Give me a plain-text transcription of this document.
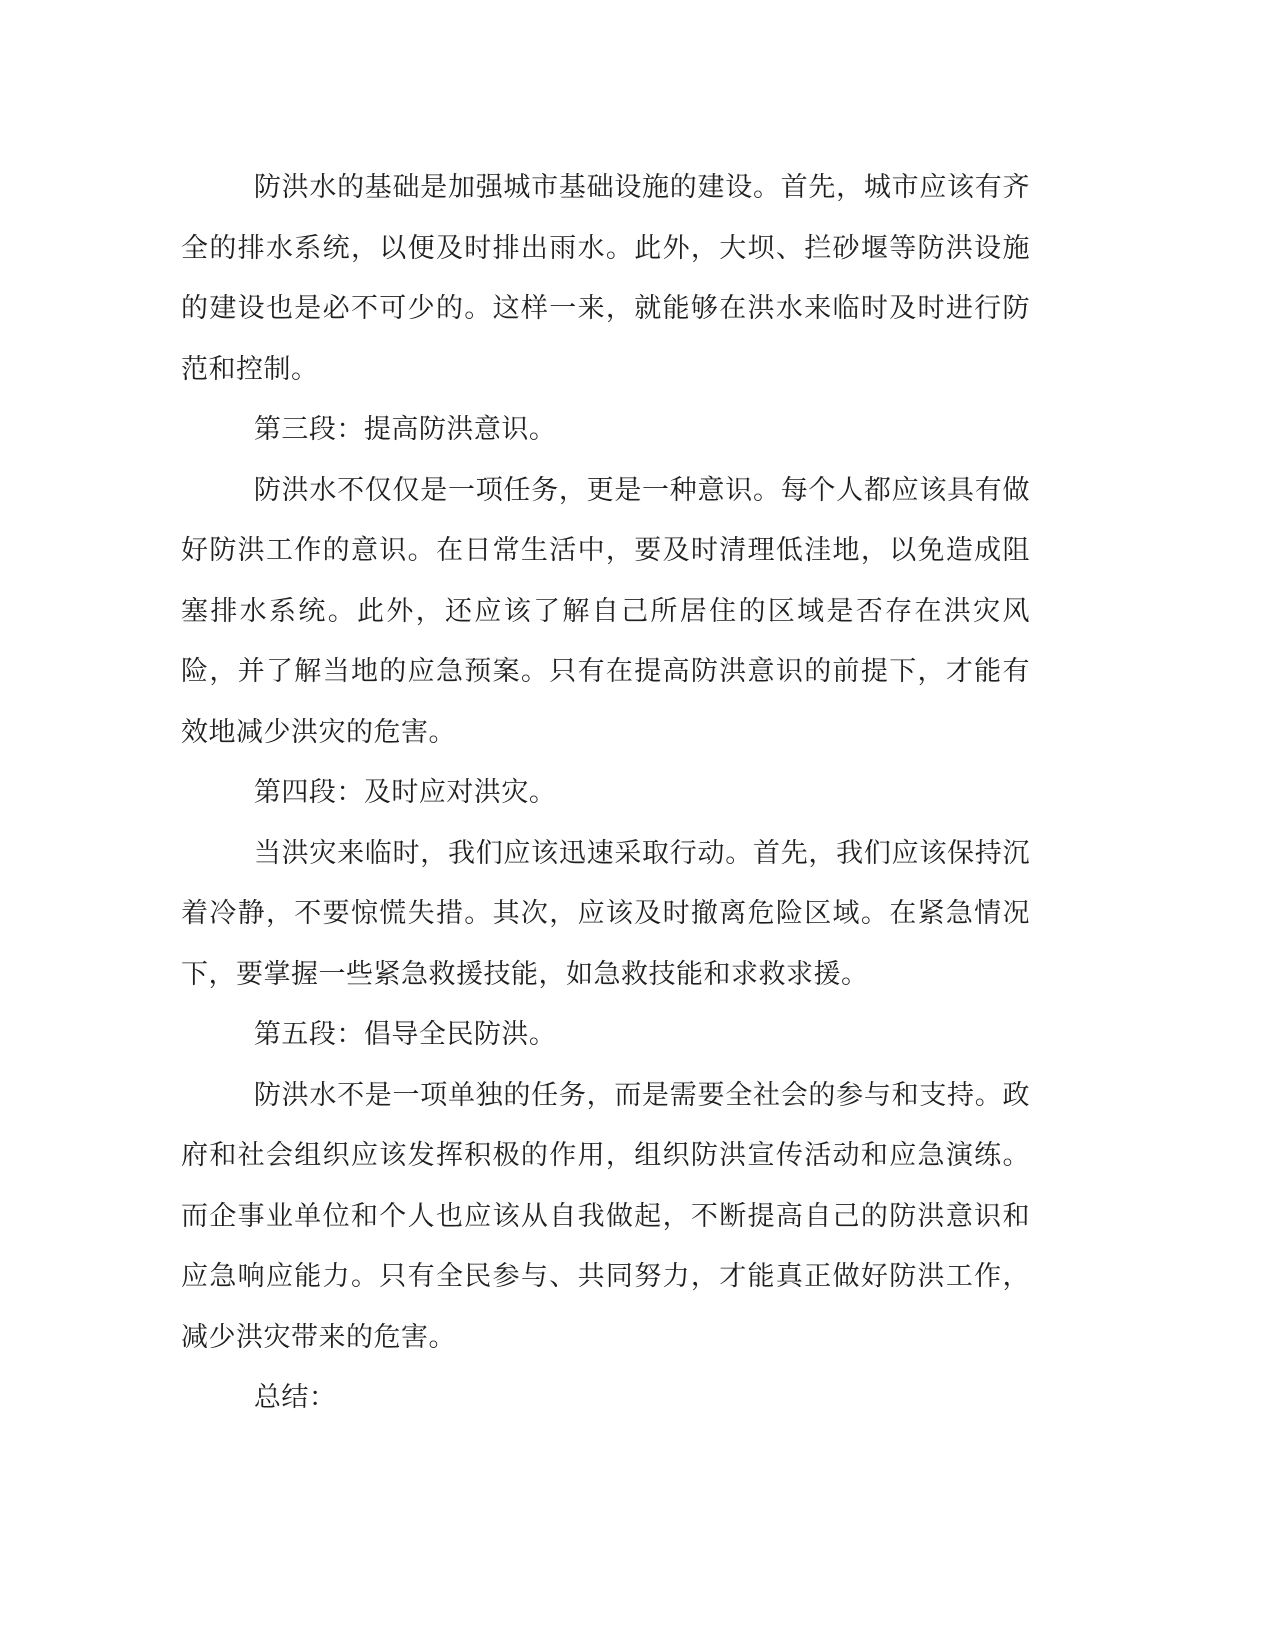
防洪水的基础是加强城市基础设施的建设。首先，城市应该有齐全的排水系统，以便及时排出雨水。此外，大坝、拦砂堰等防洪设施的建设也是必不可少的。这样一来，就能够在洪水来临时及时进行防范和控制。

第三段：提高防洪意识。

防洪水不仅仅是一项任务，更是一种意识。每个人都应该具有做好防洪工作的意识。在日常生活中，要及时清理低洼地，以免造成阻塞排水系统。此外，还应该了解自己所居住的区域是否存在洪灾风险，并了解当地的应急预案。只有在提高防洪意识的前提下，才能有效地减少洪灾的危害。

第四段：及时应对洪灾。

当洪灾来临时，我们应该迅速采取行动。首先，我们应该保持沉着冷静，不要惊慌失措。其次，应该及时撤离危险区域。在紧急情况下，要掌握一些紧急救援技能，如急救技能和求救求援。

第五段：倡导全民防洪。

防洪水不是一项单独的任务，而是需要全社会的参与和支持。政府和社会组织应该发挥积极的作用，组织防洪宣传活动和应急演练。而企事业单位和个人也应该从自我做起，不断提高自己的防洪意识和应急响应能力。只有全民参与、共同努力，才能真正做好防洪工作，减少洪灾带来的危害。

总结：
